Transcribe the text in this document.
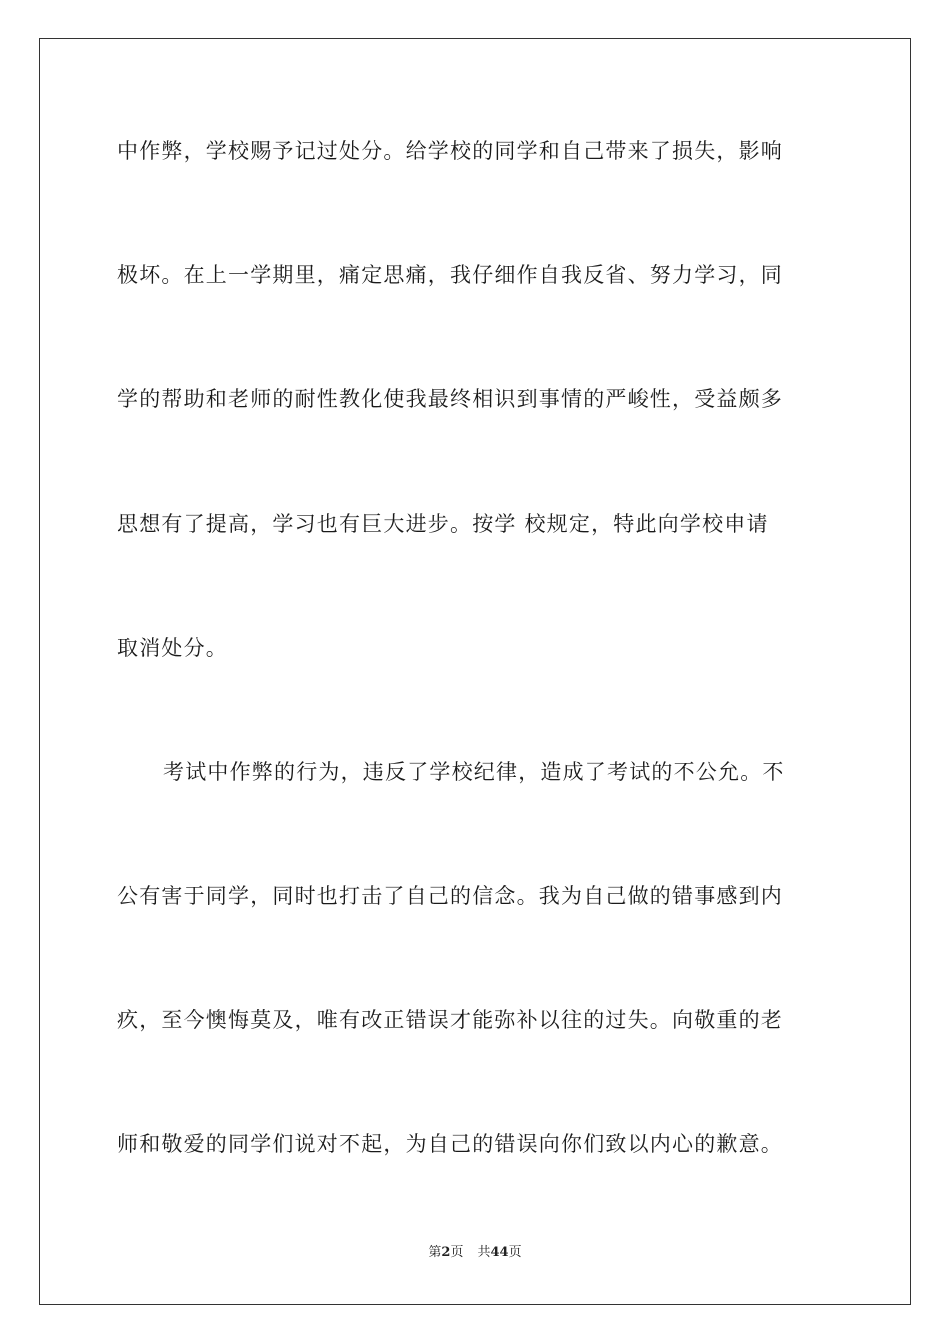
中作弊，学校赐予记过处分。给学校的同学和自己带来了损失，影响
极坏。在上一学期里，痛定思痛，我仔细作自我反省、努力学习，同
学的帮助和老师的耐性教化使我最终相识到事情的严峻性，受益颇多
思想有了提高，学习也有巨大进步。按学 校规定，特此向学校申请
取消处分。
考试中作弊的行为，违反了学校纪律，造成了考试的不公允。不
公有害于同学，同时也打击了自己的信念。我为自己做的错事感到内
疚，至今懊悔莫及，唯有改正错误才能弥补以往的过失。向敬重的老
师和敬爱的同学们说对不起，为自己的错误向你们致以内心的歉意。
第2页 共44页
